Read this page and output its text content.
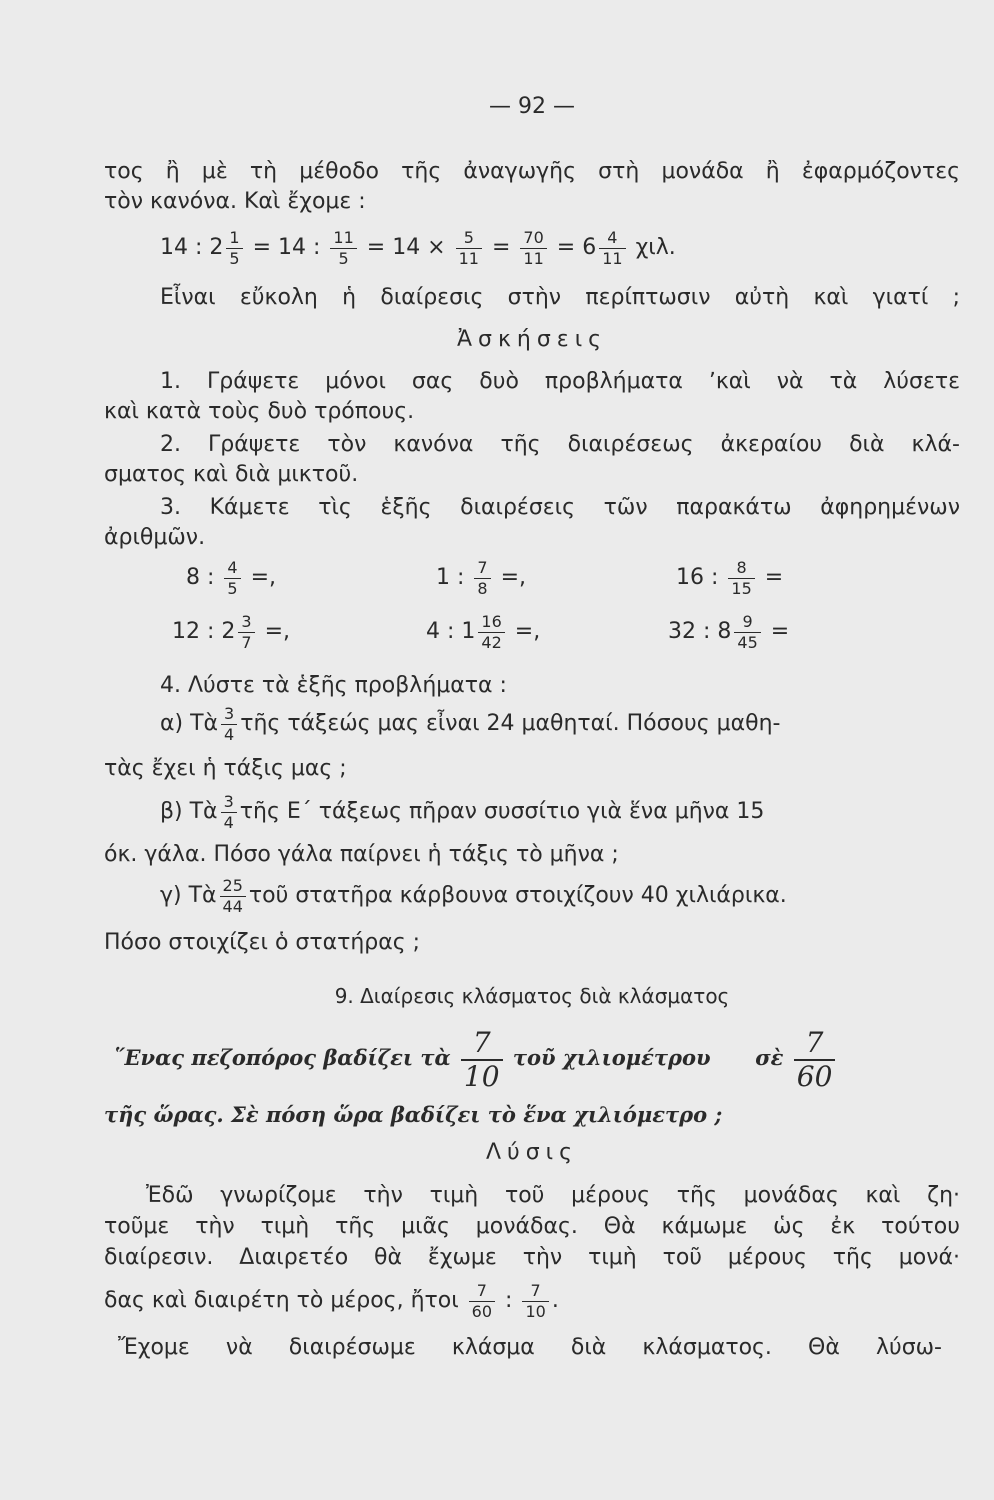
— 92 —
τος ἢ μὲ τὴ μέθοδο τῆς ἀναγωγῆς στὴ μονάδα ἢ ἐφαρμόζοντες
τὸν κανόνα. Καὶ ἔχομε :
14 : $2 \frac{1}{5} = 14$ : $\frac{11}{5} = 14 \times \frac{5}{11} = \frac{70}{11} = 6 \frac{4}{11} \chi\iota\lambda$.
Εἶναι εὔκολη ἡ διαίρεσις στὴν περίπτωσιν αὐτὴ καὶ γιατί ;
Ἀσκήσεις
1. Γράψετε μόνοι σας δυὸ προβλήματα ʼκαὶ νὰ τὰ λύσετε
καὶ κατὰ τοὺς δυὸ τρόπους.
2. Γράψετε τὸν κανόνα τῆς διαιρέσεως ἀκεραίου διὰ κλά-
σματος καὶ διὰ μικτοῦ.
3. Κάμετε τὶς ἑξῆς διαιρέσεις τῶν παρακάτω ἀφηρημένων
ἀριθμῶν.
8 : $\frac{4}{5}$ =,	1 : $\frac{7}{8}$ =,	16 : $\frac{8}{15}$ =
12 : $2 \frac{3}{7}$ =,	4 : $1 \frac{16}{42}$ =,	32 : $8 \frac{9}{45}$ =
4. Λύστε τὰ ἑξῆς προβλήματα :
α) Τὰ $\frac{3}{4}$ τῆς τάξεώς μας εἶναι 24 μαθηταί. Πόσους μαθη-
τὰς ἔχει ἡ τάξις μας ;
β) Τὰ $\frac{3}{4}$ τῆς Ε΄ τάξεως πῆραν συσσίτιο γιὰ ἕνα μῆνα 15
όκ. γάλα. Πόσο γάλα παίρνει ἡ τάξις τὸ μῆνα ;
γ) Τὰ $\frac{25}{44}$ τοῦ στατῆρα κάρβουνα στοιχίζουν 40 χιλιάρικα.
Πόσο στοιχίζει ὁ στατήρας ;
9. Διαίρεσις κλάσματος διὰ κλάσματος
῞Ενας πεζοπόρος βαδίζει τὰ $\frac{7}{10}$ τοῦ χιλιομέτρου σὲ $\frac{7}{60}$
τῆς ὥρας. Σὲ πόση ὥρα βαδίζει τὸ ἕνα χιλιόμετρο ;
Λύσις
Ἐδῶ γνωρίζομε τὴν τιμὴ τοῦ μέρους τῆς μονάδας καὶ ζη·
τοῦμε τὴν τιμὴ τῆς μιᾶς μονάδας. Θὰ κάμωμε ὡς ἐκ τούτου
διαίρεσιν. Διαιρετέο θὰ ἔχωμε τὴν τιμὴ τοῦ μέρους τῆς μονά·
δας καὶ διαιρέτη τὸ μέρος, ἤτοι $\frac{7}{60}$ : $\frac{7}{10}$ .
Ἔχομε νὰ διαιρέσωμε κλάσμα διὰ κλάσματος. Θὰ λύσω-
